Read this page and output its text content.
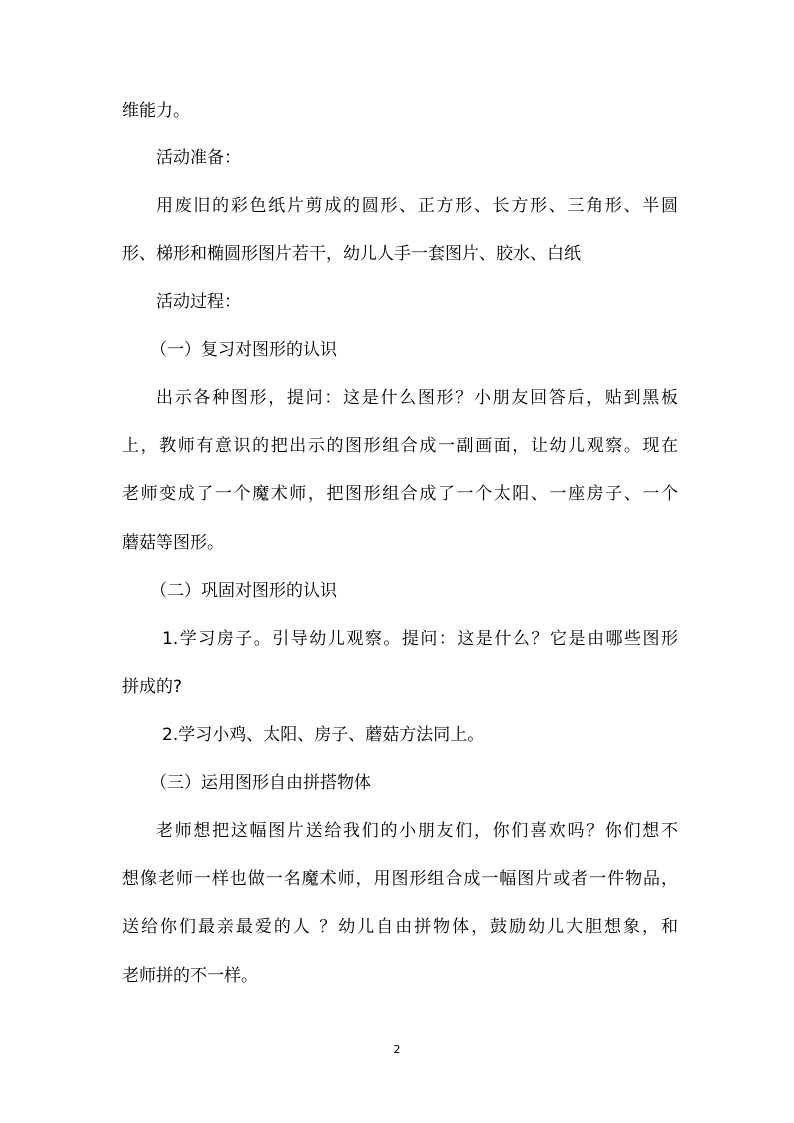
维能力。
活动准备：
用废旧的彩色纸片剪成的圆形、正方形、长方形、三角形、半圆
形、梯形和椭圆形图片若干，幼儿人手一套图片、胶水、白纸
活动过程：
（一）复习对图形的认识
出示各种图形，提问：这是什么图形？小朋友回答后，贴到黑板
上，教师有意识的把出示的图形组合成一副画面，让幼儿观察。现在
老师变成了一个魔术师，把图形组合成了一个太阳、一座房子、一个
蘑菇等图形。
（二）巩固对图形的认识
1.学习房子。引导幼儿观察。提问：这是什么？它是由哪些图形
拼成的?
2.学习小鸡、太阳、房子、蘑菇方法同上。
（三）运用图形自由拼搭物体
老师想把这幅图片送给我们的小朋友们，你们喜欢吗？你们想不
想像老师一样也做一名魔术师，用图形组合成一幅图片或者一件物品，
送给你们最亲最爱的人 ？幼儿自由拼物体，鼓励幼儿大胆想象，和
老师拼的不一样。
2
